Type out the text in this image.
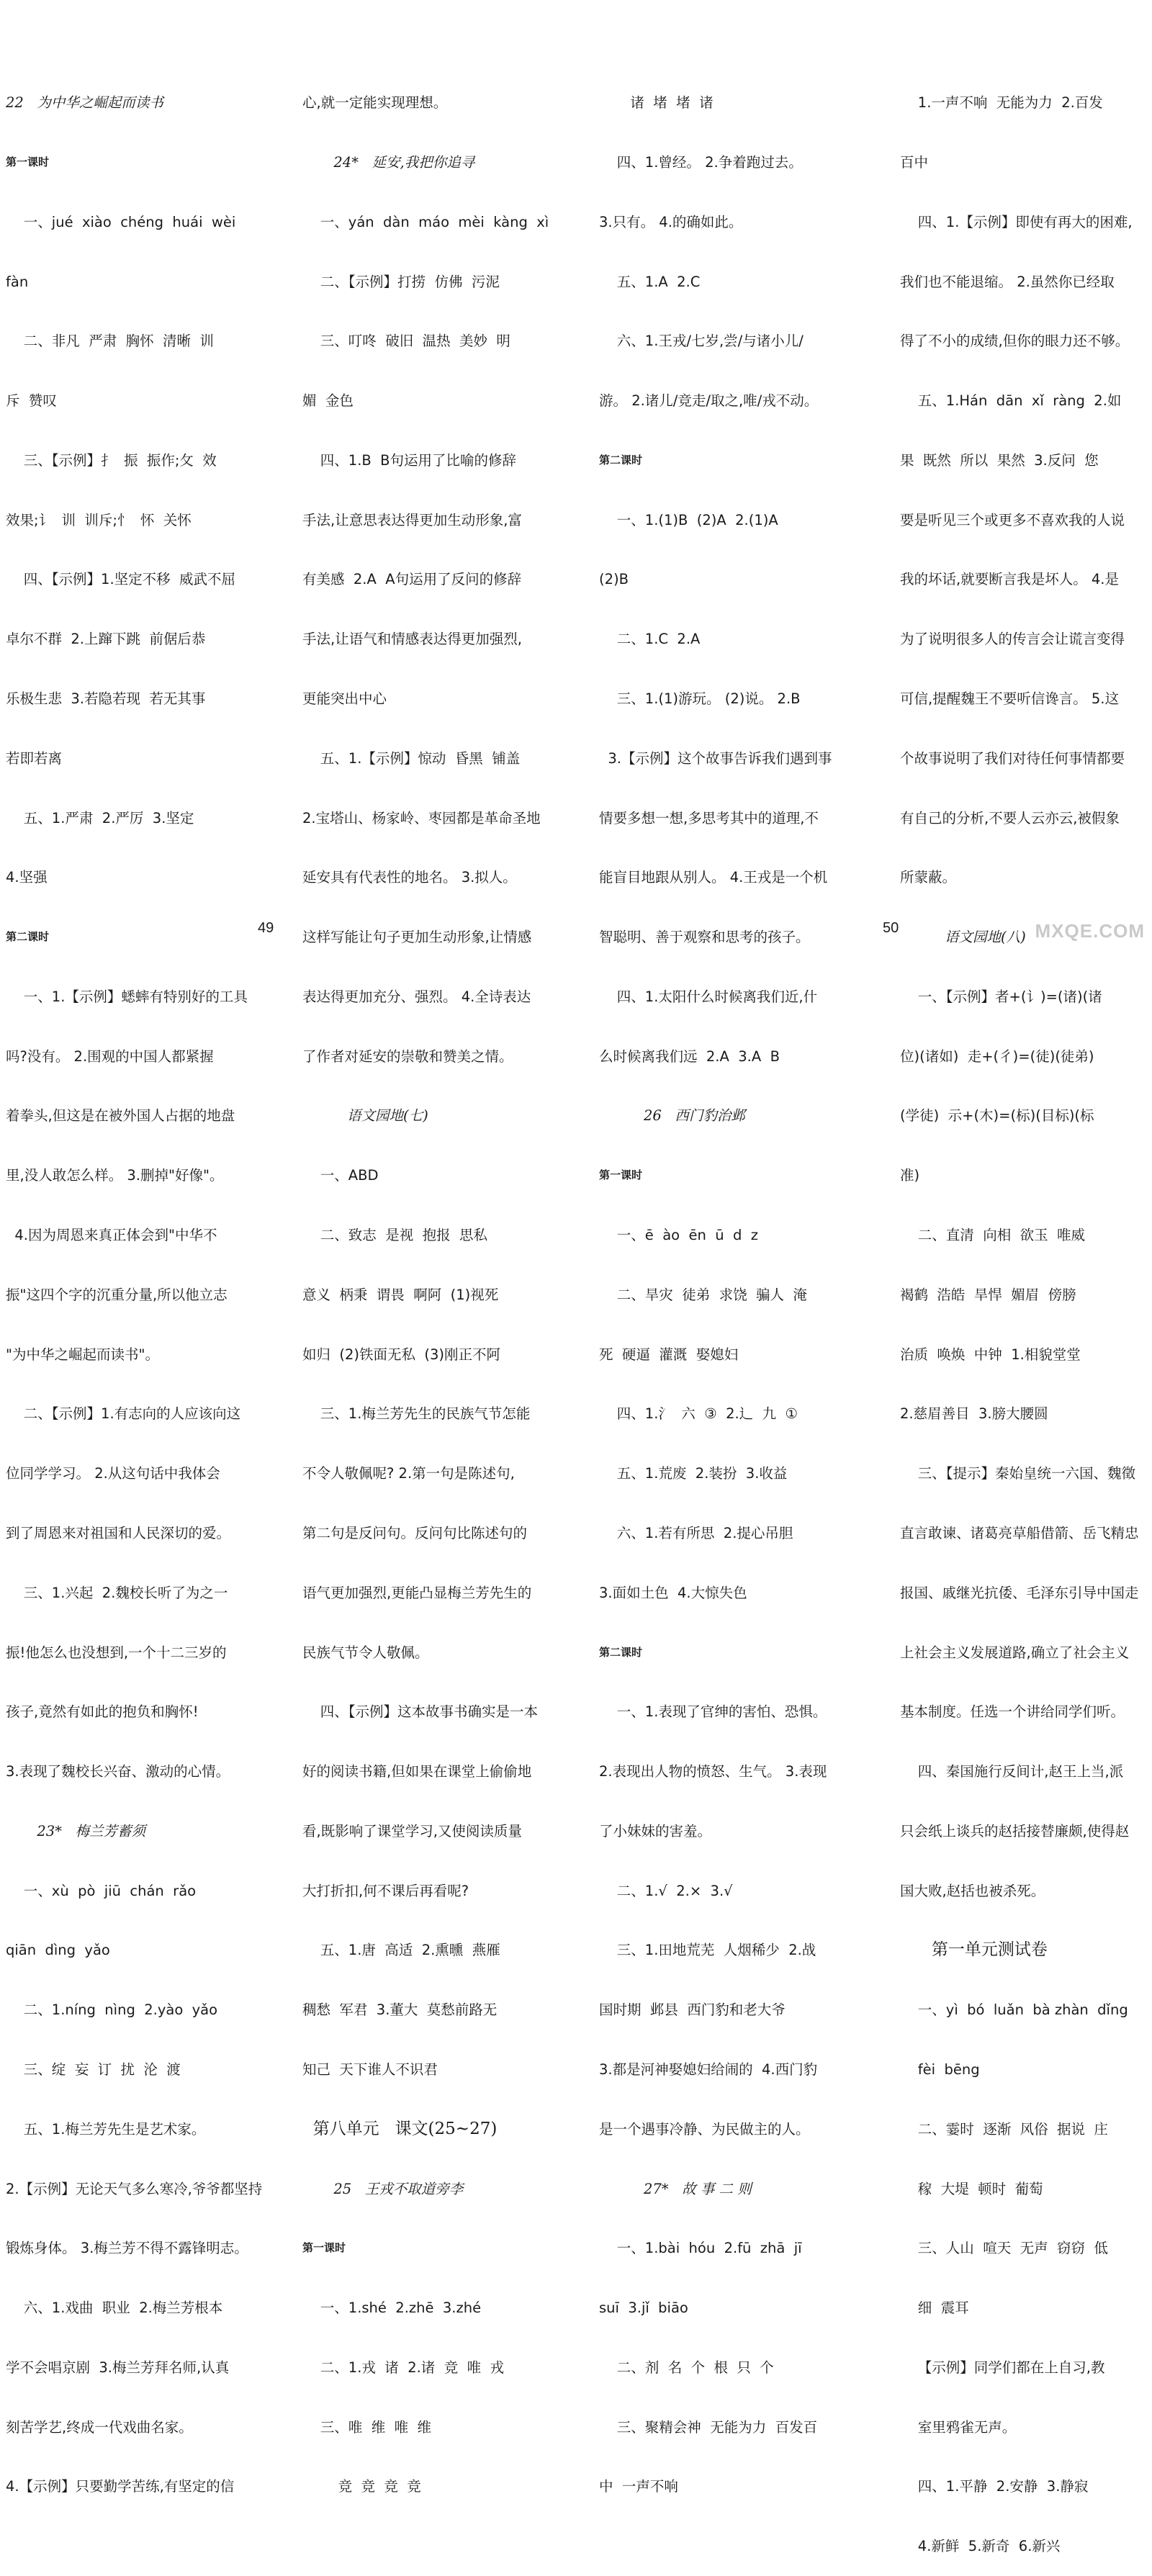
22   为中华之崛起而读书

第一课时

一、jué  xiào  chéng  huái  wèi

fàn

二、非凡  严肃  胸怀  清晰  训

斥  赞叹

三、【示例】扌  振  振作;攵  效

效果;讠  训  训斥;忄  怀  关怀

四、【示例】1.坚定不移  威武不屈

卓尔不群  2.上蹿下跳  前倨后恭

乐极生悲  3.若隐若现  若无其事

若即若离

五、1.严肃  2.严厉  3.坚定

4.坚强

第二课时

一、1.【示例】蟋蟀有特别好的工具

吗?没有。 2.围观的中国人都紧握

着拳头,但这是在被外国人占据的地盘

里,没人敢怎么样。 3.删掉"好像"。

4.因为周恩来真正体会到"中华不

振"这四个字的沉重分量,所以他立志

"为中华之崛起而读书"。

二、【示例】1.有志向的人应该向这

位同学学习。 2.从这句话中我体会

到了周恩来对祖国和人民深切的爱。

三、1.兴起  2.魏校长听了为之一

振!他怎么也没想到,一个十二三岁的

孩子,竟然有如此的抱负和胸怀!

3.表现了魏校长兴奋、激动的心情。

23*   梅兰芳蓄须

一、xù  pò  jiū  chán  rǎo

qiān  dìng  yǎo

二、1.níng  nìng  2.yào  yǎo

三、绽  妄  订  扰  沦  渡

五、1.梅兰芳先生是艺术家。

2.【示例】无论天气多么寒冷,爷爷都坚持

锻炼身体。 3.梅兰芳不得不露锋明志。

六、1.戏曲  职业  2.梅兰芳根本

学不会唱京剧  3.梅兰芳拜名师,认真

刻苦学艺,终成一代戏曲名家。

4.【示例】只要勤学苦练,有坚定的信

心,就一定能实现理想。

24*   延安,我把你追寻

一、yán  dàn  máo  mèi  kàng  xì

二、【示例】打捞  仿佛  污泥

三、叮咚  破旧  温热  美妙  明

媚  金色

四、1.B  B句运用了比喻的修辞

手法,让意思表达得更加生动形象,富

有美感  2.A  A句运用了反问的修辞

手法,让语气和情感表达得更加强烈,

更能突出中心

五、1.【示例】惊动  昏黑  铺盖

2.宝塔山、杨家岭、枣园都是革命圣地

延安具有代表性的地名。 3.拟人。

这样写能让句子更加生动形象,让情感

表达得更加充分、强烈。 4.全诗表达

了作者对延安的崇敬和赞美之情。

语文园地(七)

一、ABD

二、致志  是视  抱报  思私

意义  柄秉  谓畏  啊阿  (1)视死

如归  (2)铁面无私  (3)刚正不阿

三、1.梅兰芳先生的民族气节怎能

不令人敬佩呢? 2.第一句是陈述句,

第二句是反问句。反问句比陈述句的

语气更加强烈,更能凸显梅兰芳先生的

民族气节令人敬佩。

四、【示例】这本故事书确实是一本

好的阅读书籍,但如果在课堂上偷偷地

看,既影响了课堂学习,又使阅读质量

大打折扣,何不课后再看呢?

五、1.唐  高适  2.熏曛  燕雁

稠愁  军君  3.董大  莫愁前路无

知己  天下谁人不识君

第八单元   课文(25~27)

25   王戎不取道旁李

第一课时

一、1.shé  2.zhē  3.zhé

二、1.戎  诸  2.诸  竞  唯  戎

三、唯  维  唯  维

竞  竞  竞  竞

诸  堵  堵  诸

四、1.曾经。 2.争着跑过去。

3.只有。 4.的确如此。

五、1.A  2.C

六、1.王戎/七岁,尝/与诸小儿/

游。 2.诸儿/竞走/取之,唯/戎不动。

第二课时

一、1.(1)B  (2)A  2.(1)A

(2)B

二、1.C  2.A

三、1.(1)游玩。 (2)说。 2.B

3.【示例】这个故事告诉我们遇到事

情要多想一想,多思考其中的道理,不

能盲目地跟从别人。 4.王戎是一个机

智聪明、善于观察和思考的孩子。

四、1.太阳什么时候离我们近,什

么时候离我们远  2.A  3.A  B

26   西门豹治邺

第一课时

一、ē  ào  ēn  ū  d  z

二、旱灾  徒弟  求饶  骗人  淹

死  硬逼  灌溉  娶媳妇

四、1.氵  六  ③  2.辶  九  ①

五、1.荒废  2.装扮  3.收益

六、1.若有所思  2.提心吊胆

3.面如土色  4.大惊失色

第二课时

一、1.表现了官绅的害怕、恐惧。

2.表现出人物的愤怒、生气。 3.表现

了小妹妹的害羞。

二、1.√  2.×  3.√

三、1.田地荒芜  人烟稀少  2.战

国时期  邺县  西门豹和老大爷

3.都是河神娶媳妇给闹的  4.西门豹

是一个遇事冷静、为民做主的人。

27*   故 事 二 则

一、1.bài  hóu  2.fū  zhā  jī

suī  3.jǐ  biāo

二、剂  名  个  根  只  个

三、聚精会神  无能为力  百发百

中  一声不响

1.一声不响  无能为力  2.百发

百中

四、1.【示例】即使有再大的困难,

我们也不能退缩。 2.虽然你已经取

得了不小的成绩,但你的眼力还不够。

五、1.Hán  dān  xǐ  ràng  2.如

果  既然  所以  果然  3.反问  您

要是听见三个或更多不喜欢我的人说

我的坏话,就要断言我是坏人。 4.是

为了说明很多人的传言会让谎言变得

可信,提醒魏王不要听信谗言。 5.这

个故事说明了我们对待任何事情都要

有自己的分析,不要人云亦云,被假象

所蒙蔽。

语文园地(八)

一、【示例】者+(讠)=(诸)(诸

位)(诸如)  走+(彳)=(徒)(徒弟)

(学徒)  示+(木)=(标)(目标)(标

准)

二、直清  向相  欲玉  唯威

褐鹤  浩皓  旱悍  媚眉  傍膀

治质  唤焕  中钟  1.相貌堂堂

2.慈眉善目  3.膀大腰圆

三、【提示】秦始皇统一六国、魏徵

直言敢谏、诸葛亮草船借箭、岳飞精忠

报国、戚继光抗倭、毛泽东引导中国走

上社会主义发展道路,确立了社会主义

基本制度。任选一个讲给同学们听。

四、秦国施行反间计,赵王上当,派

只会纸上谈兵的赵括接替廉颇,使得赵

国大败,赵括也被杀死。

第一单元测试卷

一、yì  bó  luǎn  bà zhàn  dǐng

fèi  bēng

二、霎时  逐渐  风俗  据说  庄

稼  大堤  顿时  葡萄

三、人山  喧天  无声  窃窃  低

细  震耳

【示例】同学们都在上自习,教

室里鸦雀无声。

四、1.平静  2.安静  3.静寂

4.新鲜  5.新奇  6.新兴

49	50	MXQE.COM
